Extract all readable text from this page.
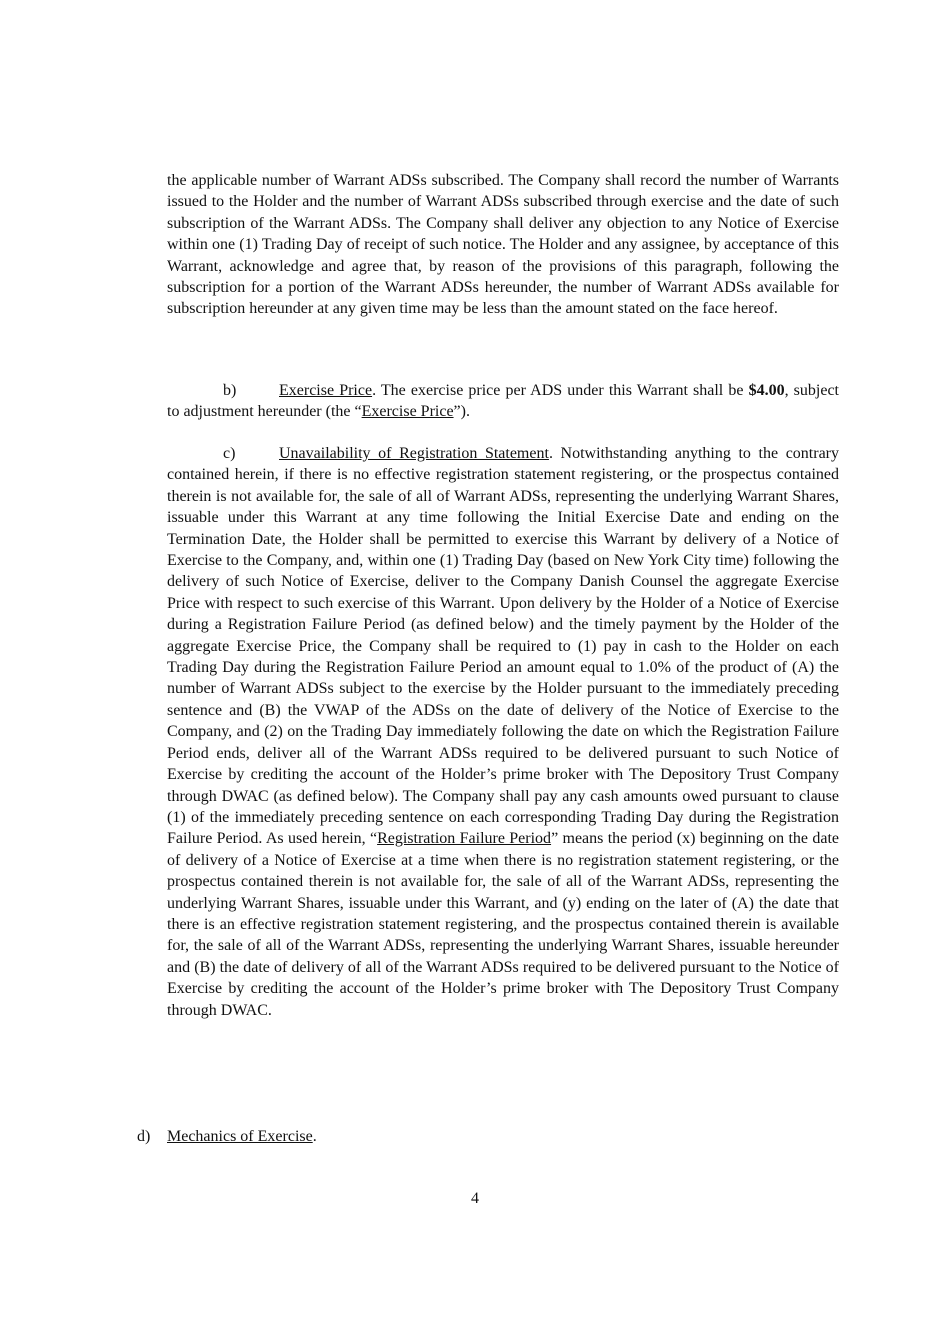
the applicable number of Warrant ADSs subscribed. The Company shall record the number of Warrants issued to the Holder and the number of Warrant ADSs subscribed through exercise and the date of such subscription of the Warrant ADSs. The Company shall deliver any objection to any Notice of Exercise within one (1) Trading Day of receipt of such notice. The Holder and any assignee, by acceptance of this Warrant, acknowledge and agree that, by reason of the provisions of this paragraph, following the subscription for a portion of the Warrant ADSs hereunder, the number of Warrant ADSs available for subscription hereunder at any given time may be less than the amount stated on the face hereof.

b)	Exercise Price. The exercise price per ADS under this Warrant shall be $4.00, subject to adjustment hereunder (the “Exercise Price”).

c)	Unavailability of Registration Statement. Notwithstanding anything to the contrary contained herein, if there is no effective registration statement registering, or the prospectus contained therein is not available for, the sale of all of Warrant ADSs, representing the underlying Warrant Shares, issuable under this Warrant at any time following the Initial Exercise Date and ending on the Termination Date, the Holder shall be permitted to exercise this Warrant by delivery of a Notice of Exercise to the Company, and, within one (1) Trading Day (based on New York City time) following the delivery of such Notice of Exercise, deliver to the Company Danish Counsel the aggregate Exercise Price with respect to such exercise of this Warrant. Upon delivery by the Holder of a Notice of Exercise during a Registration Failure Period (as defined below) and the timely payment by the Holder of the aggregate Exercise Price, the Company shall be required to (1) pay in cash to the Holder on each Trading Day during the Registration Failure Period an amount equal to 1.0% of the product of (A) the number of Warrant ADSs subject to the exercise by the Holder pursuant to the immediately preceding sentence and (B) the VWAP of the ADSs on the date of delivery of the Notice of Exercise to the Company, and (2) on the Trading Day immediately following the date on which the Registration Failure Period ends, deliver all of the Warrant ADSs required to be delivered pursuant to such Notice of Exercise by crediting the account of the Holder’s prime broker with The Depository Trust Company through DWAC (as defined below). The Company shall pay any cash amounts owed pursuant to clause (1) of the immediately preceding sentence on each corresponding Trading Day during the Registration Failure Period. As used herein, “Registration Failure Period” means the period (x) beginning on the date of delivery of a Notice of Exercise at a time when there is no registration statement registering, or the prospectus contained therein is not available for, the sale of all of the Warrant ADSs, representing the underlying Warrant Shares, issuable under this Warrant, and (y) ending on the later of (A) the date that there is an effective registration statement registering, and the prospectus contained therein is available for, the sale of all of the Warrant ADSs, representing the underlying Warrant Shares, issuable hereunder and (B) the date of delivery of all of the Warrant ADSs required to be delivered pursuant to the Notice of Exercise by crediting the account of the Holder’s prime broker with The Depository Trust Company through DWAC.

d) Mechanics of Exercise.

4
